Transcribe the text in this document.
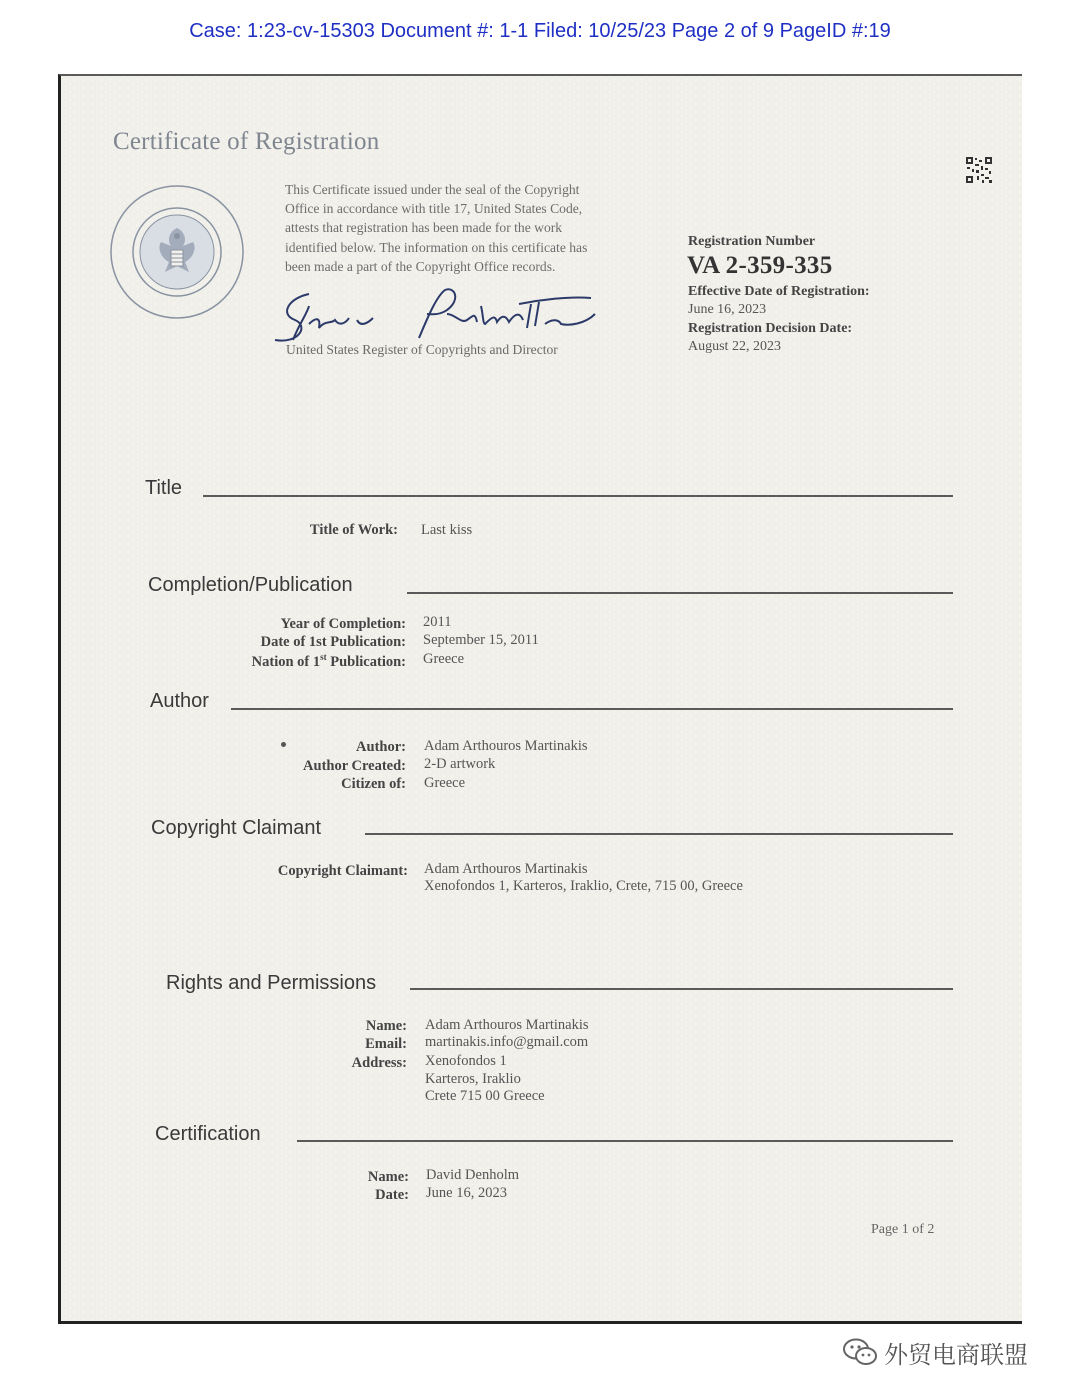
Case: 1:23-cv-15303 Document #: 1-1 Filed: 10/25/23 Page 2 of 9 PageID #:19
Certificate of Registration
This Certificate issued under the seal of the Copyright
Office in accordance with title 17, United States Code,
attests that registration has been made for the work
identified below. The information on this certificate has
been made a part of the Copyright Office records.
United States Register of Copyrights and Director
Registration Number
VA 2-359-335
Effective Date of Registration:
June 16, 2023
Registration Decision Date:
August 22, 2023
Title
Title of Work: Last kiss
Completion/Publication
Year of Completion: 2011
Date of 1st Publication: September 15, 2011
Nation of 1st Publication: Greece
Author
Author: Adam Arthouros Martinakis
Author Created: 2-D artwork
Citizen of: Greece
Copyright Claimant
Copyright Claimant: Adam Arthouros Martinakis
Xenofondos 1, Karteros, Iraklio, Crete, 715 00, Greece
Rights and Permissions
Name: Adam Arthouros Martinakis
Email: martinakis.info@gmail.com
Address: Xenofondos 1
Karteros, Iraklio
Crete 715 00 Greece
Certification
Name: David Denholm
Date: June 16, 2023
Page 1 of 2
外贸电商联盟
